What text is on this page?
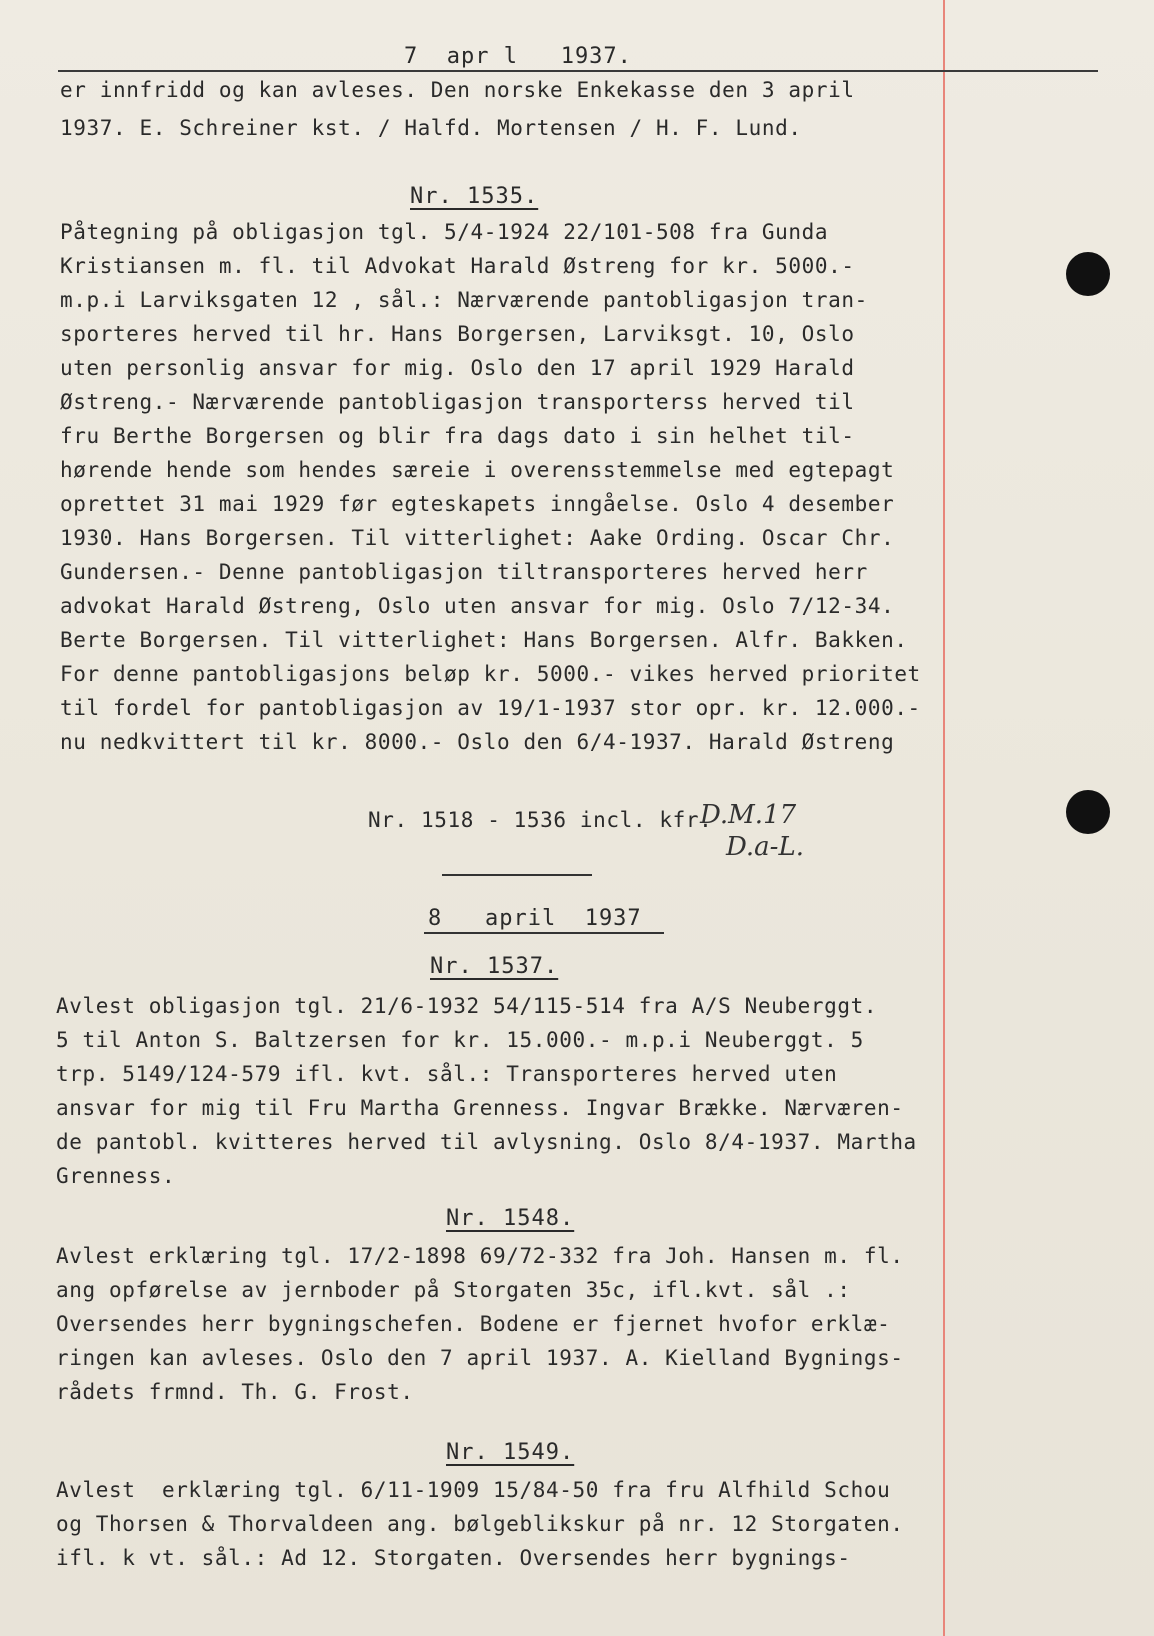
7  apr l   1937.
er innfridd og kan avleses. Den norske Enkekasse den 3 april
1937. E. Schreiner kst. / Halfd. Mortensen / H. F. Lund.
Nr. 1535.
Påtegning på obligasjon tgl. 5/4-1924 22/101-508 fra Gunda
Kristiansen m. fl. til Advokat Harald Østreng for kr. 5000.-
m.p.i Larviksgaten 12 , sål.: Nærværende pantobligasjon tran-
sporteres herved til hr. Hans Borgersen, Larviksgt. 10, Oslo
uten personlig ansvar for mig. Oslo den 17 april 1929 Harald
Østreng.- Nærværende pantobligasjon transporterss herved til
fru Berthe Borgersen og blir fra dags dato i sin helhet til-
hørende hende som hendes særeie i overensstemmelse med egtepagt
oprettet 31 mai 1929 før egteskapets inngåelse. Oslo 4 desember
1930. Hans Borgersen. Til vitterlighet: Aake Ording. Oscar Chr.
Gundersen.- Denne pantobligasjon tiltransporteres herved herr
advokat Harald Østreng, Oslo uten ansvar for mig. Oslo 7/12-34.
Berte Borgersen. Til vitterlighet: Hans Borgersen. Alfr. Bakken.
For denne pantobligasjons beløp kr. 5000.- vikes herved prioritet
til fordel for pantobligasjon av 19/1-1937 stor opr. kr. 12.000.-
nu nedkvittert til kr. 8000.- Oslo den 6/4-1937. Harald Østreng
Nr. 1518 - 1536 incl. kfr.
D.M.17
D.a-L.
8   april  1937
Nr. 1537.
Avlest obligasjon tgl. 21/6-1932 54/115-514 fra A/S Neuberggt.
5 til Anton S. Baltzersen for kr. 15.000.- m.p.i Neuberggt. 5
trp. 5149/124-579 ifl. kvt. sål.: Transporteres herved uten
ansvar for mig til Fru Martha Grenness. Ingvar Brække. Nærværen-
de pantobl. kvitteres herved til avlysning. Oslo 8/4-1937. Martha
Grenness.
Nr. 1548.
Avlest erklæring tgl. 17/2-1898 69/72-332 fra Joh. Hansen m. fl.
ang opførelse av jernboder på Storgaten 35c, ifl.kvt. sål .:
Oversendes herr bygningschefen. Bodene er fjernet hvofor erklæ-
ringen kan avleses. Oslo den 7 april 1937. A. Kielland Bygnings-
rådets frmnd. Th. G. Frost.
Nr. 1549.
Avlest  erklæring tgl. 6/11-1909 15/84-50 fra fru Alfhild Schou
og Thorsen & Thorvaldeen ang. bølgeblikskur på nr. 12 Storgaten.
ifl. k vt. sål.: Ad 12. Storgaten. Oversendes herr bygnings-
